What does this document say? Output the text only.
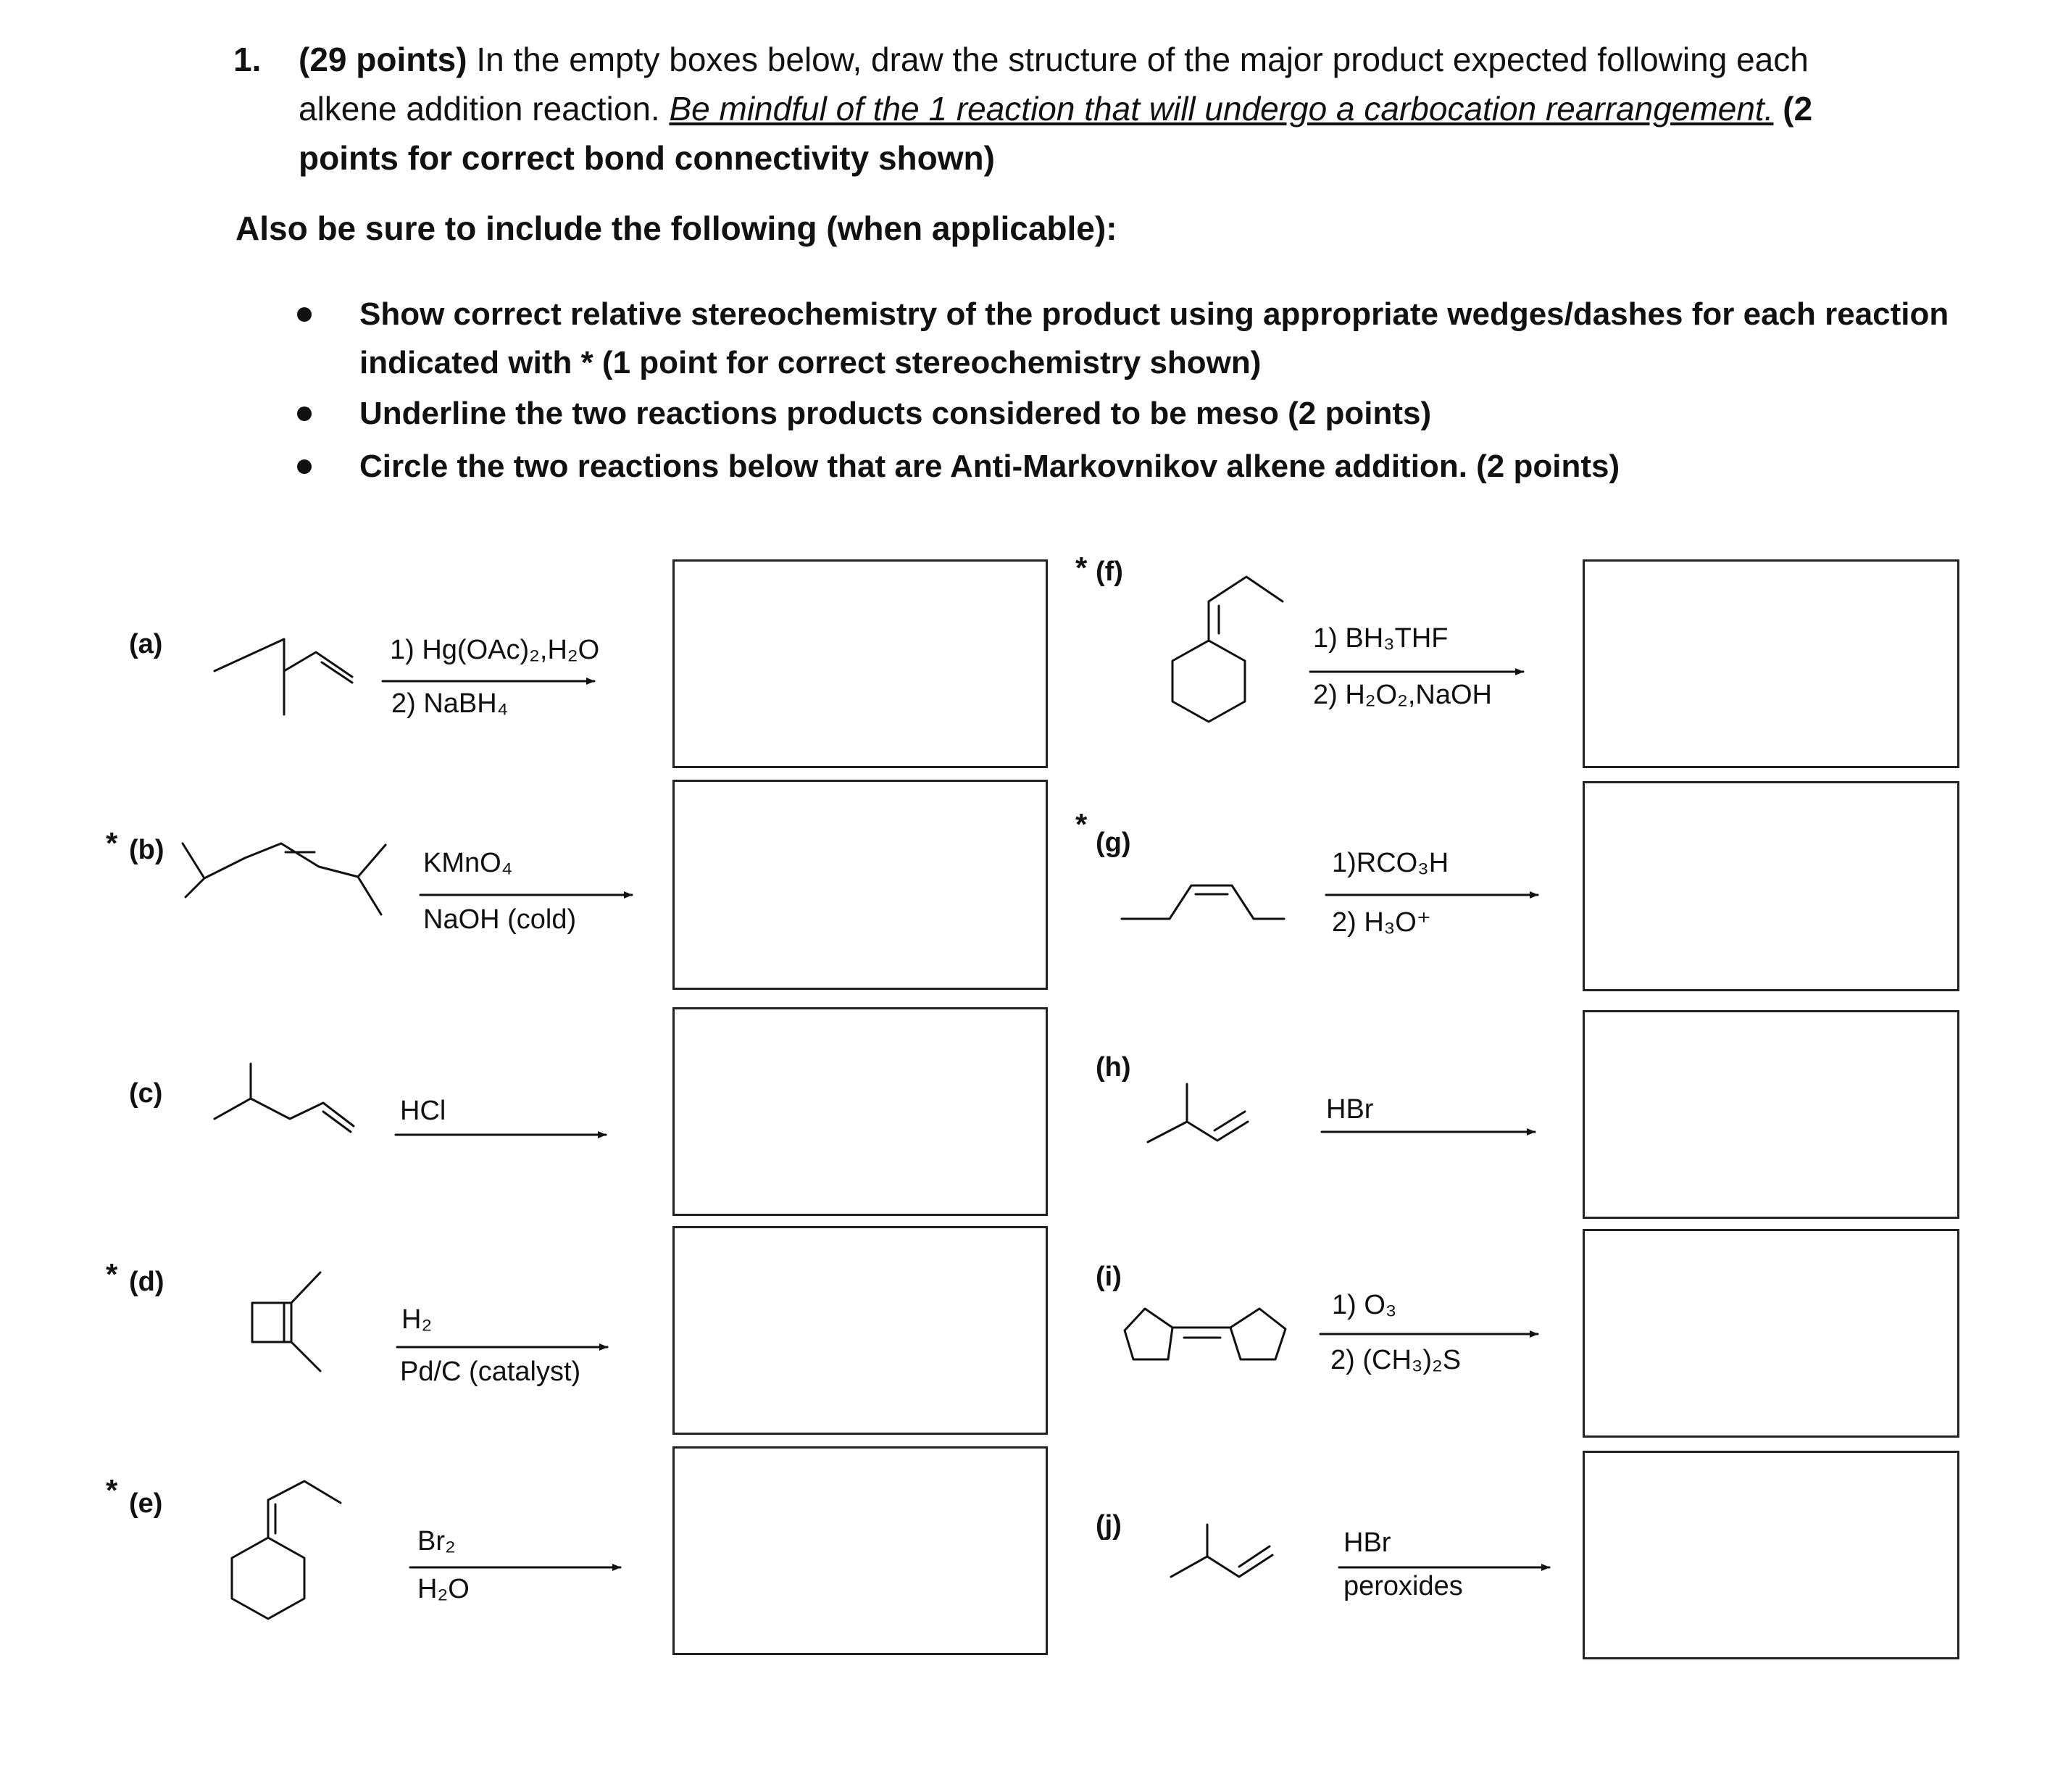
1. (29 points) In the empty boxes below, draw the structure of the major product expected following each alkene addition reaction. Be mindful of the 1 reaction that will undergo a carbocation rearrangement. (2 points for correct bond connectivity shown)
Also be sure to include the following (when applicable):
Show correct relative stereochemistry of the product using appropriate wedges/dashes for each reaction indicated with * (1 point for correct stereochemistry shown)
Underline the two reactions products considered to be meso (2 points)
Circle the two reactions below that are Anti-Markovnikov alkene addition. (2 points)
(a)
* (b)
(c)
* (d)
* (e)
* (f)
*
(g)
(h)
(i)
(j)
1) Hg(OAc)₂,H₂O
2) NaBH₄
KMnO₄
NaOH (cold)
HCl
H₂
Pd/C (catalyst)
Br₂
H₂O
1) BH₃THF
2) H₂O₂,NaOH
1)RCO₃H
2) H₃O⁺
HBr
1) O₃
2) (CH₃)₂S
HBr
peroxides
